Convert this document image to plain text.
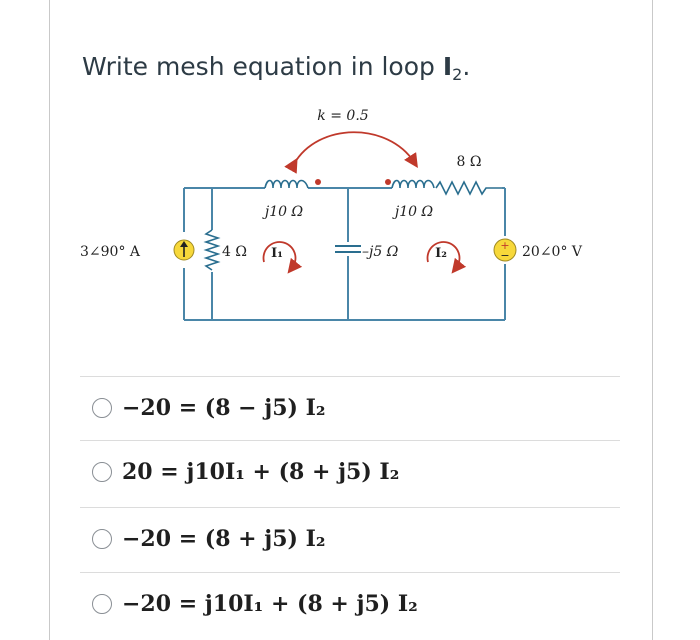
Write mesh equation in loop $I_2$.
k = 0.5
8 Ω
j10 Ω	j10 Ω
3∠90° A	4 Ω I₁	–j5 Ω	I₂
+
− 20∠0° V
−20 = (8 − j5) I₂
20 = j10I₁ + (8 + j5) I₂
−20 = (8 + j5) I₂
−20 = j10I₁ + (8 + j5) I₂
